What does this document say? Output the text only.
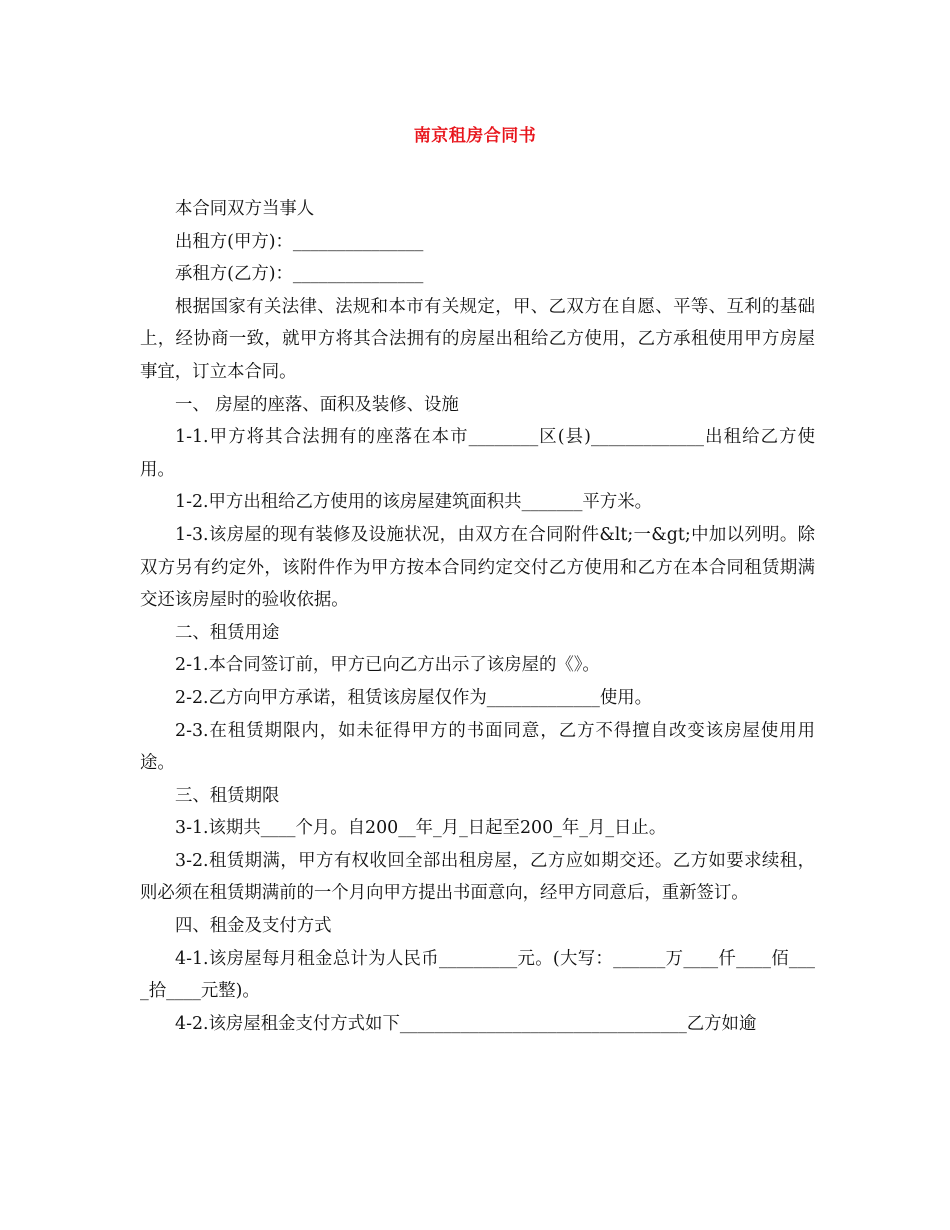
南京租房合同书

本合同双方当事人

出租方(甲方)：_______________

承租方(乙方)：_______________

根据国家有关法律、法规和本市有关规定，甲、乙双方在自愿、平等、互利的基础上，经协商一致，就甲方将其合法拥有的房屋出租给乙方使用，乙方承租使用甲方房屋事宜，订立本合同。

一、 房屋的座落、面积及装修、设施

1-1.甲方将其合法拥有的座落在本市________区(县)_____________出租给乙方使用。

1-2.甲方出租给乙方使用的该房屋建筑面积共_______平方米。

1-3.该房屋的现有装修及设施状况，由双方在合同附件&lt;一&gt;中加以列明。除双方另有约定外，该附件作为甲方按本合同约定交付乙方使用和乙方在本合同租赁期满交还该房屋时的验收依据。

二、租赁用途

2-1.本合同签订前，甲方已向乙方出示了该房屋的《》。

2-2.乙方向甲方承诺，租赁该房屋仅作为_____________使用。

2-3.在租赁期限内，如未征得甲方的书面同意，乙方不得擅自改变该房屋使用用途。

三、租赁期限

3-1.该期共____个月。自200__年_月_日起至200_年_月_日止。

3-2.租赁期满，甲方有权收回全部出租房屋，乙方应如期交还。乙方如要求续租，则必须在租赁期满前的一个月向甲方提出书面意向，经甲方同意后，重新签订。

四、租金及支付方式

4-1.该房屋每月租金总计为人民币_________元。(大写：______万____仟____佰____拾____元整)。

4-2.该房屋租金支付方式如下_________________________________乙方如逾
